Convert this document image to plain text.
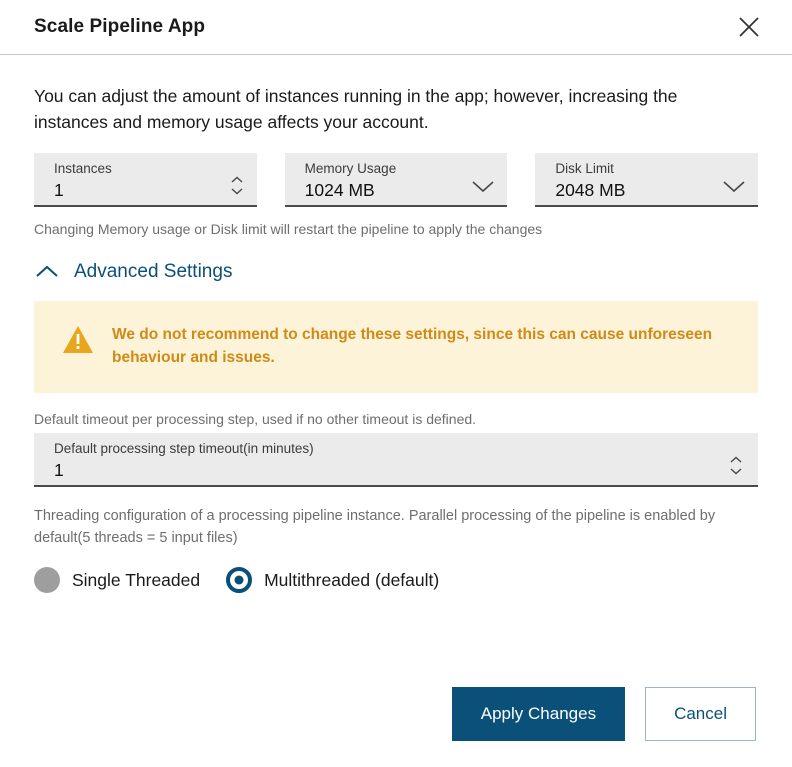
Scale Pipeline App

You can adjust the amount of instances running in the app; however, increasing the instances and memory usage affects your account.

Instances
1
Memory Usage
1024 MB
Disk Limit
2048 MB

Changing Memory usage or Disk limit will restart the pipeline to apply the changes

Advanced Settings
We do not recommend to change these settings, since this can cause unforeseen behaviour and issues.

Default timeout per processing step, used if no other timeout is defined.

Default processing step timeout(in minutes)
1

Threading configuration of a processing pipeline instance. Parallel processing of the pipeline is enabled by default(5 threads = 5 input files)

Single Threaded	Multithreaded (default)
Apply Changes	Cancel
